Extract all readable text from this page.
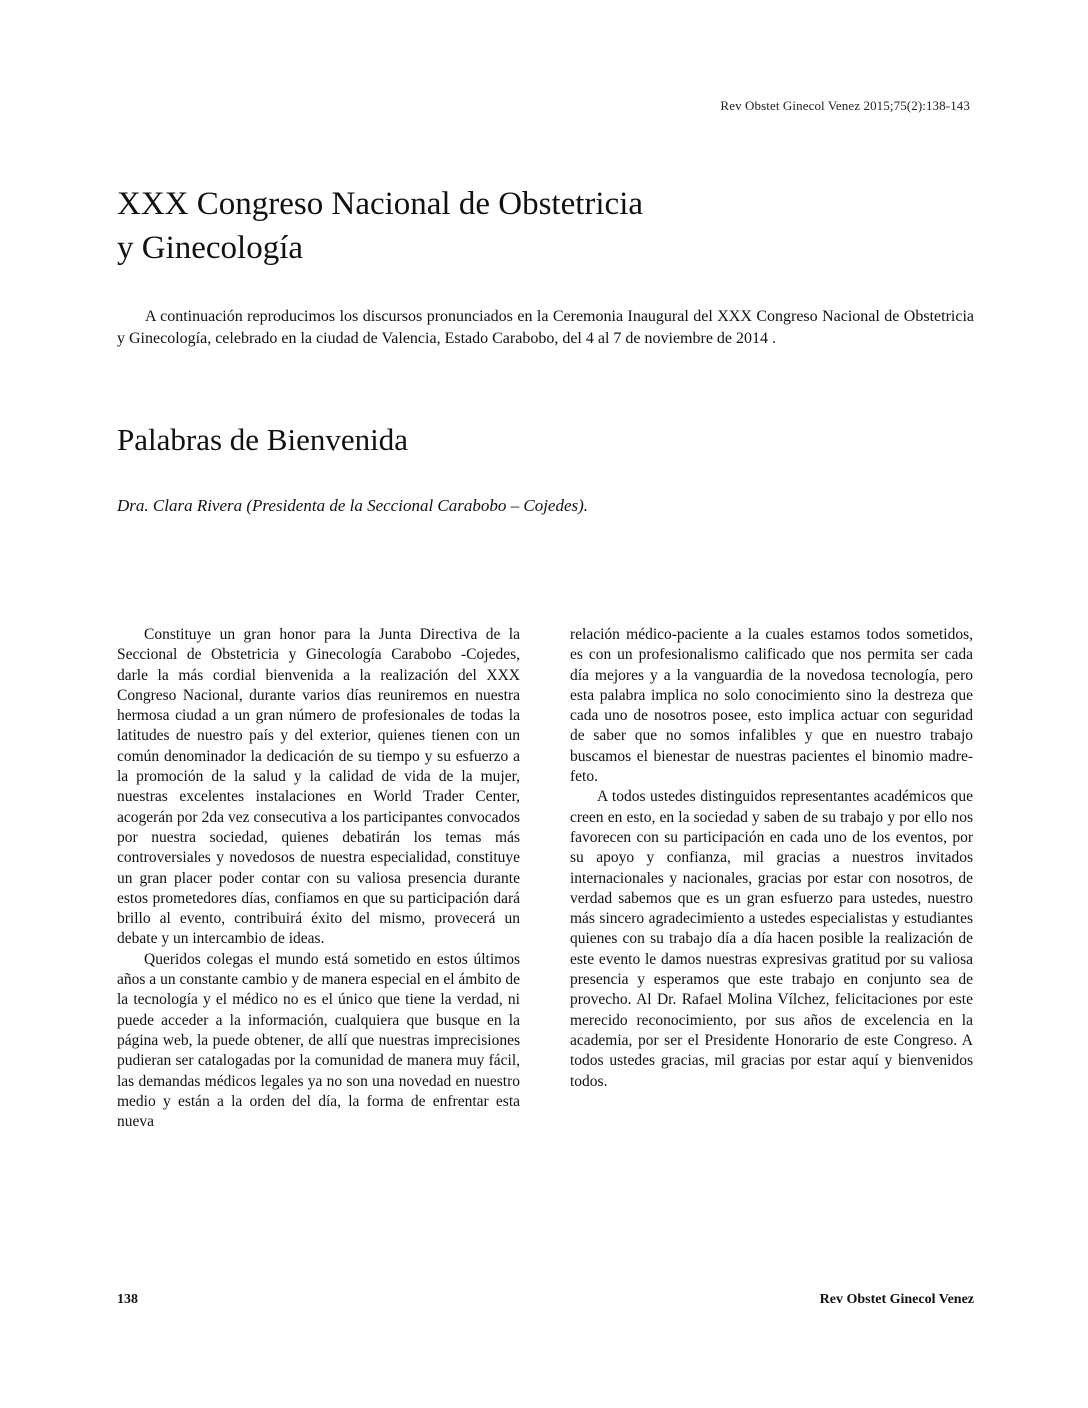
Rev Obstet Ginecol Venez 2015;75(2):138-143
XXX Congreso Nacional de Obstetricia
y Ginecología

A continuación reproducimos los discursos pronunciados en la Ceremonia Inaugural del XXX Congreso Nacional de Obstetricia y Ginecología, celebrado en la ciudad de Valencia, Estado Carabobo, del 4 al 7 de noviembre de 2014 .

Palabras de Bienvenida

Dra. Clara Rivera (Presidenta de la Seccional Carabobo – Cojedes).

Constituye un gran honor para la Junta Directiva de la Seccional de Obstetricia y Ginecología Carabobo -Cojedes, darle la más cordial bienvenida a la realización del XXX Congreso Nacional, durante varios días reuniremos en nuestra hermosa ciudad a un gran número de profesionales de todas la latitudes de nuestro país y del exterior, quienes tienen con un común denominador la dedicación de su tiempo y su esfuerzo a la promoción de la salud y la calidad de vida de la mujer, nuestras excelentes instalaciones en World Trader Center, acogerán por 2da vez consecutiva a los participantes convocados por nuestra sociedad, quienes debatirán los temas más controversiales y novedosos de nuestra especialidad, constituye un gran placer poder contar con su valiosa presencia durante estos prometedores días, confiamos en que su participación dará brillo al evento, contribuirá éxito del mismo, provecerá un debate y un intercambio de ideas.

Queridos colegas el mundo está sometido en estos últimos años a un constante cambio y de manera especial en el ámbito de la tecnología y el médico no es el único que tiene la verdad, ni puede acceder a la información, cualquiera que busque en la página web, la puede obtener, de allí que nuestras imprecisiones pudieran ser catalogadas por la comunidad de manera muy fácil, las demandas médicos legales ya no son una novedad en nuestro medio y están a la orden del día, la forma de enfrentar esta nueva

relación médico-paciente a la cuales estamos todos sometidos, es con un profesionalismo calificado que nos permita ser cada día mejores y a la vanguardia de la novedosa tecnología, pero esta palabra implica no solo conocimiento sino la destreza que cada uno de nosotros posee, esto implica actuar con seguridad de saber que no somos infalibles y que en nuestro trabajo buscamos el bienestar de nuestras pacientes el binomio madre-feto.

A todos ustedes distinguidos representantes académicos que creen en esto, en la sociedad y saben de su trabajo y por ello nos favorecen con su participación en cada uno de los eventos, por su apoyo y confianza, mil gracias a nuestros invitados internacionales y nacionales, gracias por estar con nosotros, de verdad sabemos que es un gran esfuerzo para ustedes, nuestro más sincero agradecimiento a ustedes especialistas y estudiantes quienes con su trabajo día a día hacen posible la realización de este evento le damos nuestras expresivas gratitud por su valiosa presencia y esperamos que este trabajo en conjunto sea de provecho. Al Dr. Rafael Molina Vílchez, felicitaciones por este merecido reconocimiento, por sus años de excelencia en la academia, por ser el Presidente Honorario de este Congreso. A todos ustedes gracias, mil gracias por estar aquí y bienvenidos todos.

138	Rev Obstet Ginecol Venez
